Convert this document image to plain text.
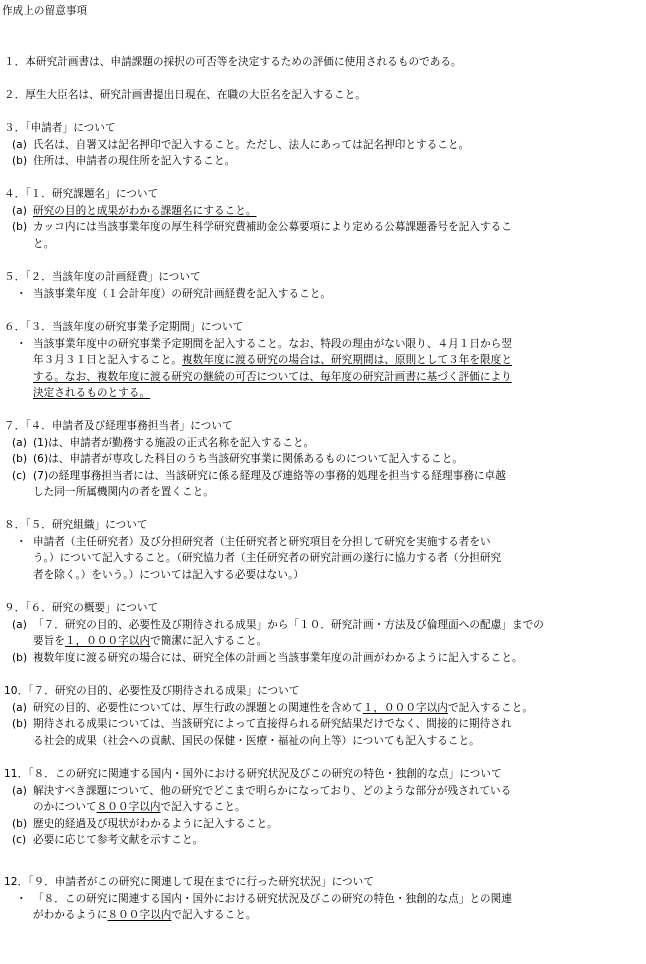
作成上の留意事項
１．本研究計画書は、申請課題の採択の可否等を決定するための評価に使用されるものである。
２．厚生大臣名は、研究計画書提出日現在、在職の大臣名を記入すること。
３．「申請者」について
(a) 氏名は、自署又は記名押印で記入すること。ただし、法人にあっては記名押印とすること。
(b) 住所は、申請者の現住所を記入すること。
４．「１．研究課題名」について
(a) 研究の目的と成果がわかる課題名にすること。
(b) カッコ内には当該事業年度の厚生科学研究費補助金公募要項により定める公募課題番号を記入するこ
と。
５．「２．当該年度の計画経費」について
・ 当該事業年度（１会計年度）の研究計画経費を記入すること。
６．「３．当該年度の研究事業予定期間」について
・ 当該事業年度中の研究事業予定期間を記入すること。なお、特段の理由がない限り、４月１日から翌
年３月３１日と記入すること。複数年度に渡る研究の場合は、研究期間は、原則として３年を限度と
する。なお、複数年度に渡る研究の継続の可否については、毎年度の研究計画書に基づく評価により
決定されるものとする。
７．「４．申請者及び経理事務担当者」について
(a) (1)は、申請者が勤務する施設の正式名称を記入すること。
(b) (6)は、申請者が専攻した科目のうち当該研究事業に関係あるものについて記入すること。
(c) (7)の経理事務担当者には、当該研究に係る経理及び連絡等の事務的処理を担当する経理事務に卓越
した同一所属機関内の者を置くこと。
８．「５．研究組織」について
・ 申請者（主任研究者）及び分担研究者（主任研究者と研究項目を分担して研究を実施する者をい
う。）について記入すること。（研究協力者（主任研究者の研究計画の遂行に協力する者（分担研究
者を除く。）をいう。）については記入する必要はない。）
９．「６．研究の概要」について
(a) 「７．研究の目的、必要性及び期待される成果」から「１０．研究計画・方法及び倫理面への配慮」までの
要旨を１，０００字以内で簡潔に記入すること。
(b) 複数年度に渡る研究の場合には、研究全体の計画と当該事業年度の計画がわかるように記入すること。
10．「７．研究の目的、必要性及び期待される成果」について
(a) 研究の目的、必要性については、厚生行政の課題との関連性を含めて１，０００字以内で記入すること。
(b) 期待される成果については、当該研究によって直接得られる研究結果だけでなく、間接的に期待され
る社会的成果（社会への貢献、国民の保健・医療・福祉の向上等）についても記入すること。
11．「８．この研究に関連する国内・国外における研究状況及びこの研究の特色・独創的な点」について
(a) 解決すべき課題について、他の研究でどこまで明らかになっており、どのような部分が残されている
のかについて８００字以内で記入すること。
(b) 歴史的経過及び現状がわかるように記入すること。
(c) 必要に応じて参考文献を示すこと。
12．「９．申請者がこの研究に関連して現在までに行った研究状況」について
・ 「８．この研究に関連する国内・国外における研究状況及びこの研究の特色・独創的な点」との関連
がわかるように８００字以内で記入すること。
